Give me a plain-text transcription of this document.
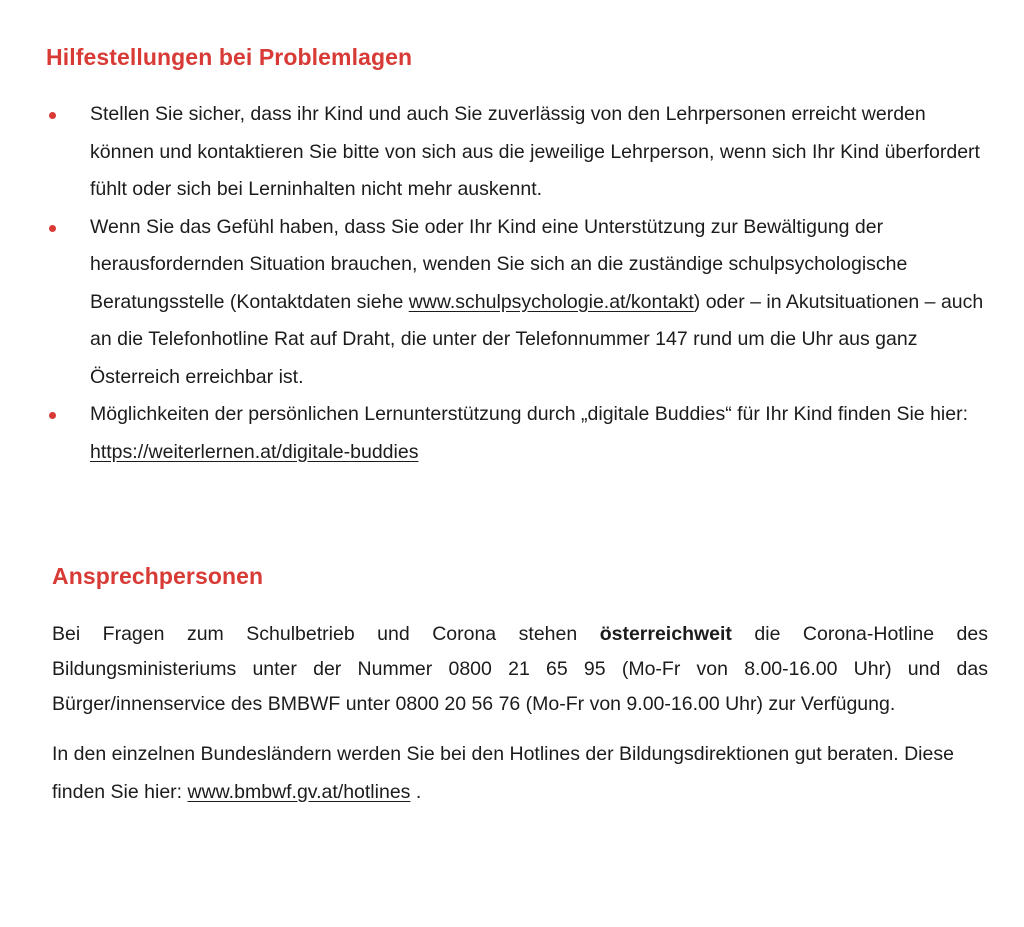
Hilfestellungen bei Problemlagen
Stellen Sie sicher, dass ihr Kind und auch Sie zuverlässig von den Lehrpersonen erreicht werden können und kontaktieren Sie bitte von sich aus die jeweilige Lehrperson, wenn sich Ihr Kind überfordert fühlt oder sich bei Lerninhalten nicht mehr auskennt.
Wenn Sie das Gefühl haben, dass Sie oder Ihr Kind eine Unterstützung zur Bewältigung der herausfordernden Situation brauchen, wenden Sie sich an die zuständige schulpsychologische Beratungsstelle (Kontaktdaten siehe www.schulpsychologie.at/kontakt) oder – in Akutsituationen – auch an die Telefonhotline Rat auf Draht, die unter der Telefonnummer 147 rund um die Uhr aus ganz Österreich erreichbar ist.
Möglichkeiten der persönlichen Lernunterstützung durch „digitale Buddies“ für Ihr Kind finden Sie hier: https://weiterlernen.at/digitale-buddies
Ansprechpersonen

Bei Fragen zum Schulbetrieb und Corona stehen österreichweit die Corona-Hotline des Bildungsministeriums unter der Nummer 0800 21 65 95 (Mo-Fr von 8.00-16.00 Uhr) und das Bürger/innenservice des BMBWF unter 0800 20 56 76 (Mo-Fr von 9.00-16.00 Uhr) zur Verfügung.

In den einzelnen Bundesländern werden Sie bei den Hotlines der Bildungsdirektionen gut beraten. Diese finden Sie hier: www.bmbwf.gv.at/hotlines .
